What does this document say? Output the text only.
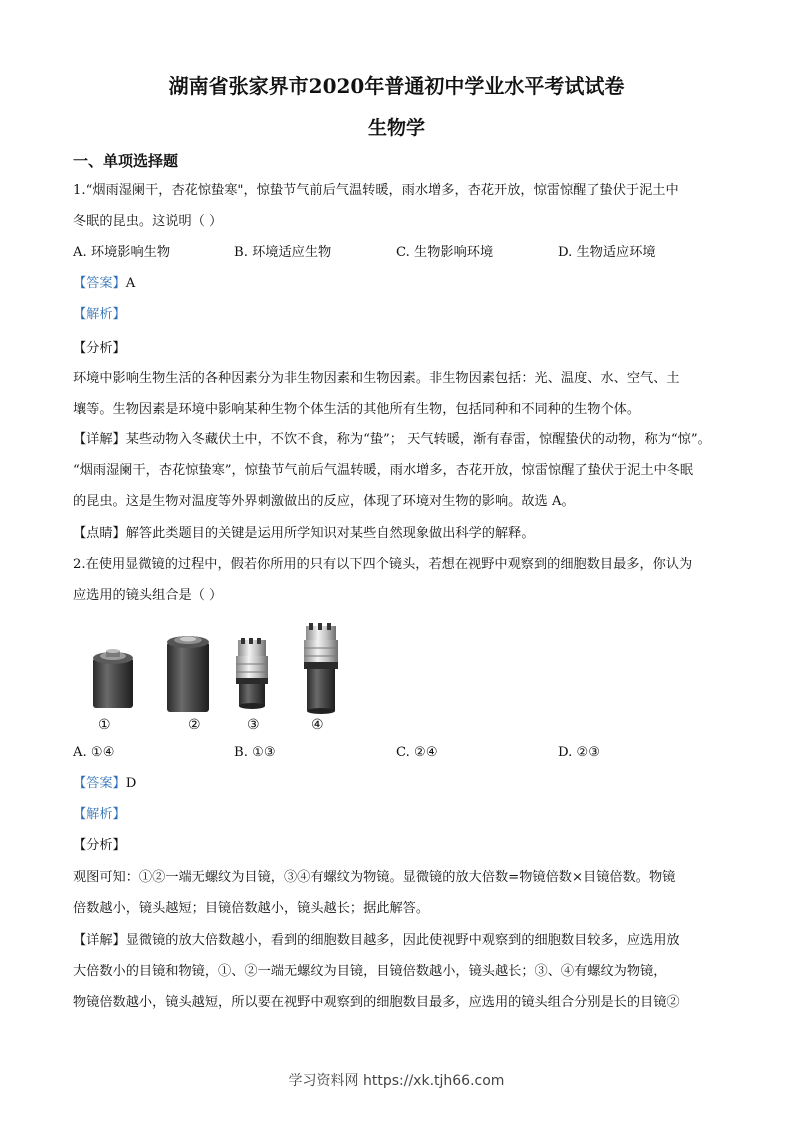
湖南省张家界市2020年普通初中学业水平考试试卷
生物学
一、单项选择题
1.“烟雨湿阑干，杏花惊蛰寒"，惊蛰节气前后气温转暖，雨水增多，杏花开放，惊雷惊醒了蛰伏于泥土中
冬眠的昆虫。这说明（ ）
A. 环境影响生物	B. 环境适应生物	C. 生物影响环境	D. 生物适应环境
【答案】A
【解析】
【分析】
环境中影响生物生活的各种因素分为非生物因素和生物因素。非生物因素包括：光、温度、水、空气、土
壤等。生物因素是环境中影响某种生物个体生活的其他所有生物，包括同种和不同种的生物个体。
【详解】某些动物入冬藏伏土中，不饮不食，称为“蛰”； 天气转暖，渐有春雷，惊醒蛰伏的动物，称为“惊”。
“烟雨湿阑干，杏花惊蛰寒”，惊蛰节气前后气温转暖，雨水增多，杏花开放，惊雷惊醒了蛰伏于泥土中冬眠
的昆虫。这是生物对温度等外界刺激做出的反应，体现了环境对生物的影响。故选 A。
【点睛】解答此类题目的关键是运用所学知识对某些自然现象做出科学的解释。
2.在使用显微镜的过程中，假若你所用的只有以下四个镜头，若想在视野中观察到的细胞数目最多，你认为
应选用的镜头组合是（ ）
①	②	③	④
A. ①④	B. ①③	C. ②④	D. ②③
【答案】D
【解析】
【分析】
观图可知：①②一端无螺纹为目镜，③④有螺纹为物镜。显微镜的放大倍数=物镜倍数×目镜倍数。物镜
倍数越小，镜头越短；目镜倍数越小，镜头越长；据此解答。
【详解】显微镜的放大倍数越小，看到的细胞数目越多，因此使视野中观察到的细胞数目较多，应选用放
大倍数小的目镜和物镜，①、②一端无螺纹为目镜，目镜倍数越小，镜头越长；③、④有螺纹为物镜，
物镜倍数越小，镜头越短，所以要在视野中观察到的细胞数目最多，应选用的镜头组合分别是长的目镜②
学习资料网 https://xk.tjh66.com
